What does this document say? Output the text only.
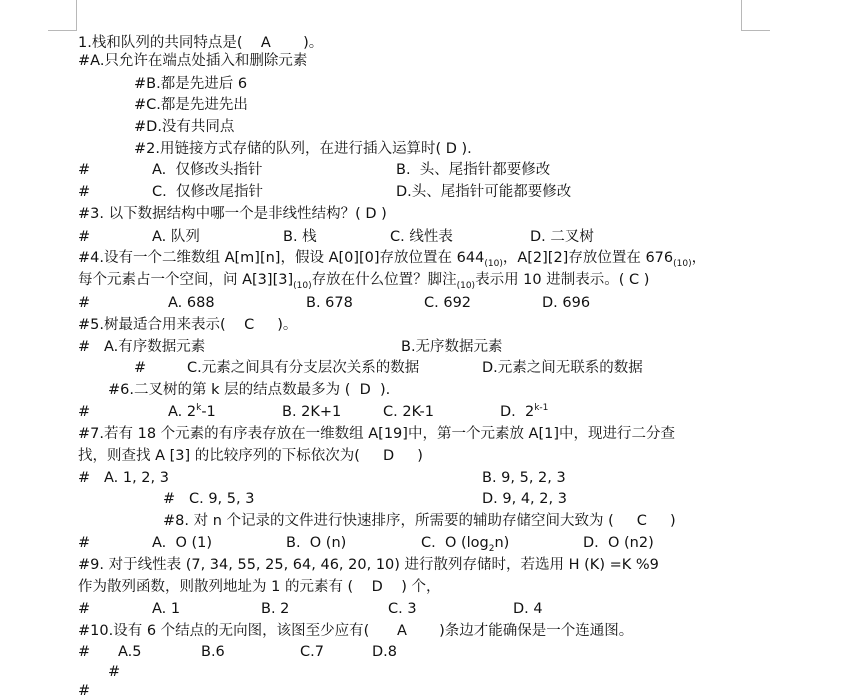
1.栈和队列的共同特点是(    A       )。
#A.只允许在端点处插入和删除元素
#B.都是先进后 6
#C.都是先进先出
#D.没有共同点
#2.用链接方式存储的队列，在进行插入运算时( D ).
#	A.  仅修改头指针	B.  头、尾指针都要修改
#	C.  仅修改尾指针	D.头、尾指针可能都要修改
#3. 以下数据结构中哪一个是非线性结构？( D )
#	A. 队列	B. 栈	C. 线性表	D. 二叉树
#4.设有一个二维数组 A[m][n]，假设 A[0][0]存放位置在 $644_{(10)}$，A[2][2]存放位置在 $676_{(10)}$，
每个元素占一个空间，问 $A[3][3]_{(10)}$存放在什么位置？脚注$_{(10)}$表示用 10 进制表示。( C )
#	A. 688	B. 678	C. 692	D. 696
#5.树最适合用来表示(    C     )。
#   A.有序数据元素	B.无序数据元素
#	C.元素之间具有分支层次关系的数据	D.元素之间无联系的数据
#6.二叉树的第 k 层的结点数最多为 (  D  ).
#	A. 2$^k$-1	B. 2K+1	C. 2K-1	D.  2$^{k-1}$
#7.若有 18 个元素的有序表存放在一维数组 A[19]中，第一个元素放 A[1]中，现进行二分查
找，则查找 A [3] 的比较序列的下标依次为(     D     )
#   A. 1, 2, 3	B. 9, 5, 2, 3
#   C. 9, 5, 3	D. 9, 4, 2, 3
#8. 对 n 个记录的文件进行快速排序，所需要的辅助存储空间大致为 (     C     )
#	A.  O (1)	B.  O (n)	C.  O $(\log_2n)$	D.  O (n2)
#9. 对于线性表 (7, 34, 55, 25, 64, 46, 20, 10) 进行散列存储时，若选用 H (K) =K %9
作为散列函数，则散列地址为 1 的元素有 (    D    ) 个，
#	A. 1	B. 2	C. 3	D. 4
#10.设有 6 个结点的无向图，该图至少应有(      A       )条边才能确保是一个连通图。
# A.5	B.6	C.7	D.8
#
#
